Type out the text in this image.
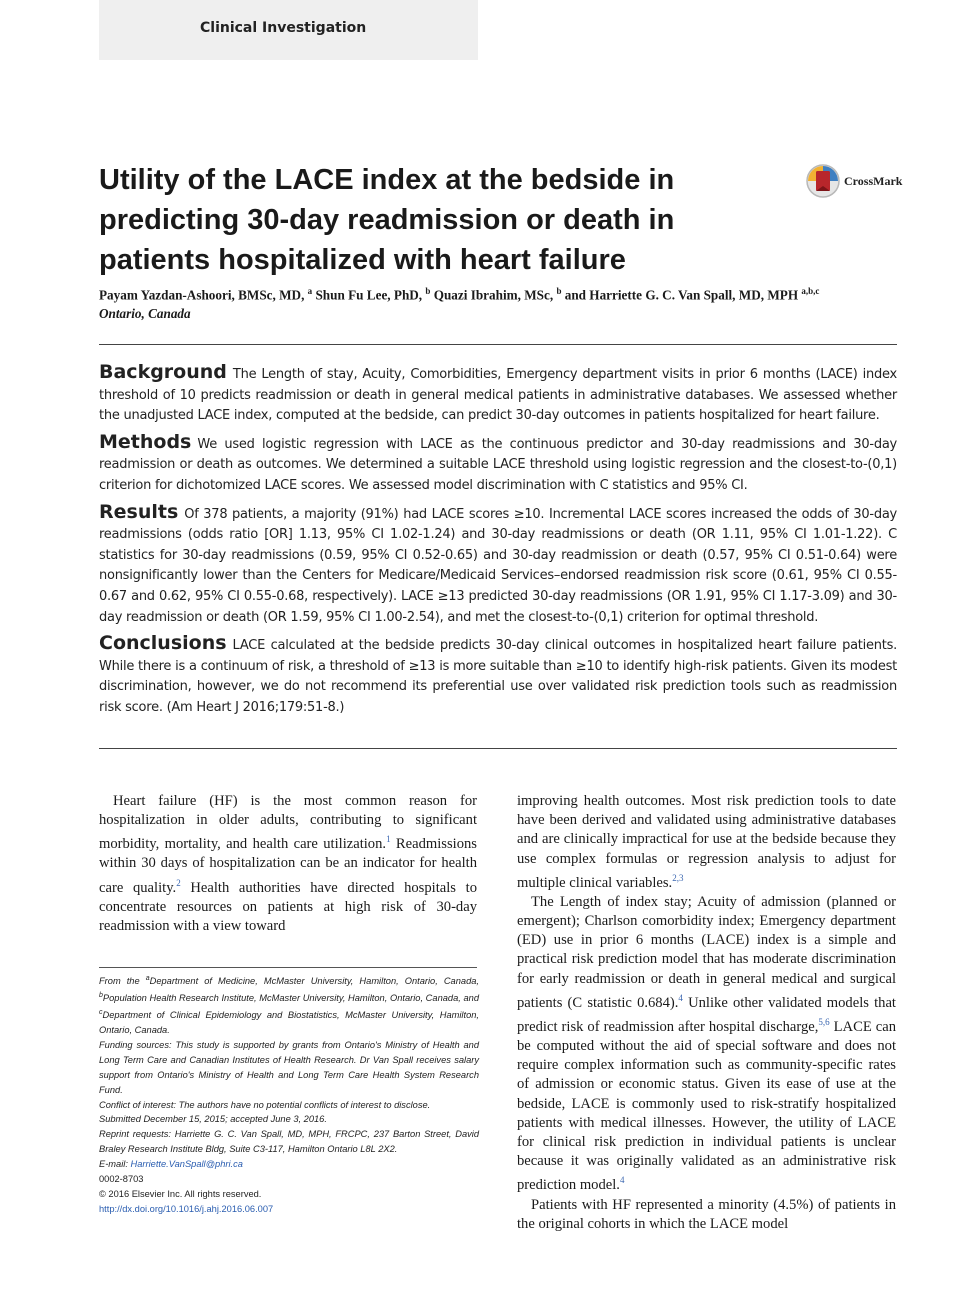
Clinical Investigation
Utility of the LACE index at the bedside in predicting 30-day readmission or death in patients hospitalized with heart failure
CrossMark
Payam Yazdan-Ashoori, BMSc, MD, $^a$ Shun Fu Lee, PhD, $^b$ Quazi Ibrahim, MSc, $^b$ and Harriette G. C. Van Spall, MD, MPH $^{a,b,c}$
Ontario, Canada

Background The Length of stay, Acuity, Comorbidities, Emergency department visits in prior 6 months (LACE) index threshold of 10 predicts readmission or death in general medical patients in administrative databases. We assessed whether the unadjusted LACE index, computed at the bedside, can predict 30-day outcomes in patients hospitalized for heart failure.

Methods We used logistic regression with LACE as the continuous predictor and 30-day readmissions and 30-day readmission or death as outcomes. We determined a suitable LACE threshold using logistic regression and the closest-to-(0,1) criterion for dichotomized LACE scores. We assessed model discrimination with C statistics and 95% CI.

Results Of 378 patients, a majority (91%) had LACE scores ≥10. Incremental LACE scores increased the odds of 30-day readmissions (odds ratio [OR] 1.13, 95% CI 1.02-1.24) and 30-day readmissions or death (OR 1.11, 95% CI 1.01-1.22). C statistics for 30-day readmissions (0.59, 95% CI 0.52-0.65) and 30-day readmission or death (0.57, 95% CI 0.51-0.64) were nonsignificantly lower than the Centers for Medicare/Medicaid Services–endorsed readmission risk score (0.61, 95% CI 0.55-0.67 and 0.62, 95% CI 0.55-0.68, respectively). LACE ≥13 predicted 30-day readmissions (OR 1.91, 95% CI 1.17-3.09) and 30-day readmission or death (OR 1.59, 95% CI 1.00-2.54), and met the closest-to-(0,1) criterion for optimal threshold.

Conclusions LACE calculated at the bedside predicts 30-day clinical outcomes in hospitalized heart failure patients. While there is a continuum of risk, a threshold of ≥13 is more suitable than ≥10 to identify high-risk patients. Given its modest discrimination, however, we do not recommend its preferential use over validated risk prediction tools such as readmission risk score. (Am Heart J 2016;179:51-8.)

Heart failure (HF) is the most common reason for hospitalization in older adults, contributing to significant morbidity, mortality, and health care utilization.$^1$ Readmissions within 30 days of hospitalization can be an indicator for health care quality.$^2$ Health authorities have directed hospitals to concentrate resources on patients at high risk of 30-day readmission with a view toward

improving health outcomes. Most risk prediction tools to date have been derived and validated using administrative databases and are clinically impractical for use at the bedside because they use complex formulas or regression analysis to adjust for multiple clinical variables.$^{2,3}$

The Length of index stay; Acuity of admission (planned or emergent); Charlson comorbidity index; Emergency department (ED) use in prior 6 months (LACE) index is a simple and practical risk prediction model that has moderate discrimination for early readmission or death in general medical and surgical patients (C statistic 0.684).$^4$ Unlike other validated models that predict risk of readmission after hospital discharge,$^{5,6}$ LACE can be computed without the aid of special software and does not require complex information such as community-specific rates of admission or economic status. Given its ease of use at the bedside, LACE is commonly used to risk-stratify hospitalized patients with medical illnesses. However, the utility of LACE for clinical risk prediction in individual patients is unclear because it was originally validated as an administrative risk prediction model.$^4$

Patients with HF represented a minority (4.5%) of patients in the original cohorts in which the LACE model

From the $^a$Department of Medicine, McMaster University, Hamilton, Ontario, Canada, $^b$Population Health Research Institute, McMaster University, Hamilton, Ontario, Canada, and $^c$Department of Clinical Epidemiology and Biostatistics, McMaster University, Hamilton, Ontario, Canada.

Funding sources: This study is supported by grants from Ontario's Ministry of Health and Long Term Care and Canadian Institutes of Health Research. Dr Van Spall receives salary support from Ontario's Ministry of Health and Long Term Care Health System Research Fund.

Conflict of interest: The authors have no potential conflicts of interest to disclose.

Submitted December 15, 2015; accepted June 3, 2016.

Reprint requests: Harriette G. C. Van Spall, MD, MPH, FRCPC, 237 Barton Street, David Braley Research Institute Bldg, Suite C3-117, Hamilton Ontario L8L 2X2.

E-mail: Harriette.VanSpall@phri.ca

0002-8703

© 2016 Elsevier Inc. All rights reserved.

http://dx.doi.org/10.1016/j.ahj.2016.06.007
